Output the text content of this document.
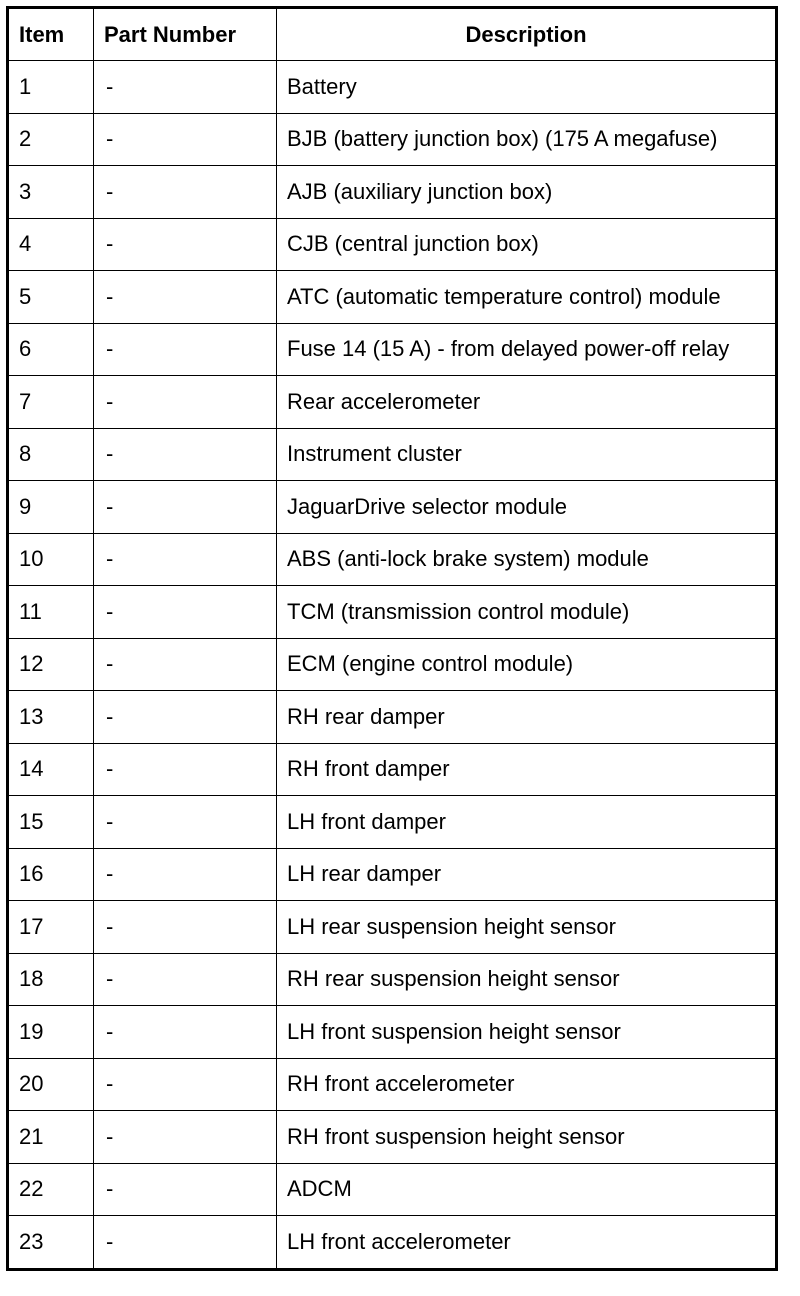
Item	Part Number	Description
1	-	Battery
2	-	BJB (battery junction box) (175 A megafuse)
3	-	AJB (auxiliary junction box)
4	-	CJB (central junction box)
5	-	ATC (automatic temperature control) module
6	-	Fuse 14 (15 A) - from delayed power-off relay
7	-	Rear accelerometer
8	-	Instrument cluster
9	-	JaguarDrive selector module
10	-	ABS (anti-lock brake system) module
11	-	TCM (transmission control module)
12	-	ECM (engine control module)
13	-	RH rear damper
14	-	RH front damper
15	-	LH front damper
16	-	LH rear damper
17	-	LH rear suspension height sensor
18	-	RH rear suspension height sensor
19	-	LH front suspension height sensor
20	-	RH front accelerometer
21	-	RH front suspension height sensor
22	-	ADCM
23	-	LH front accelerometer
